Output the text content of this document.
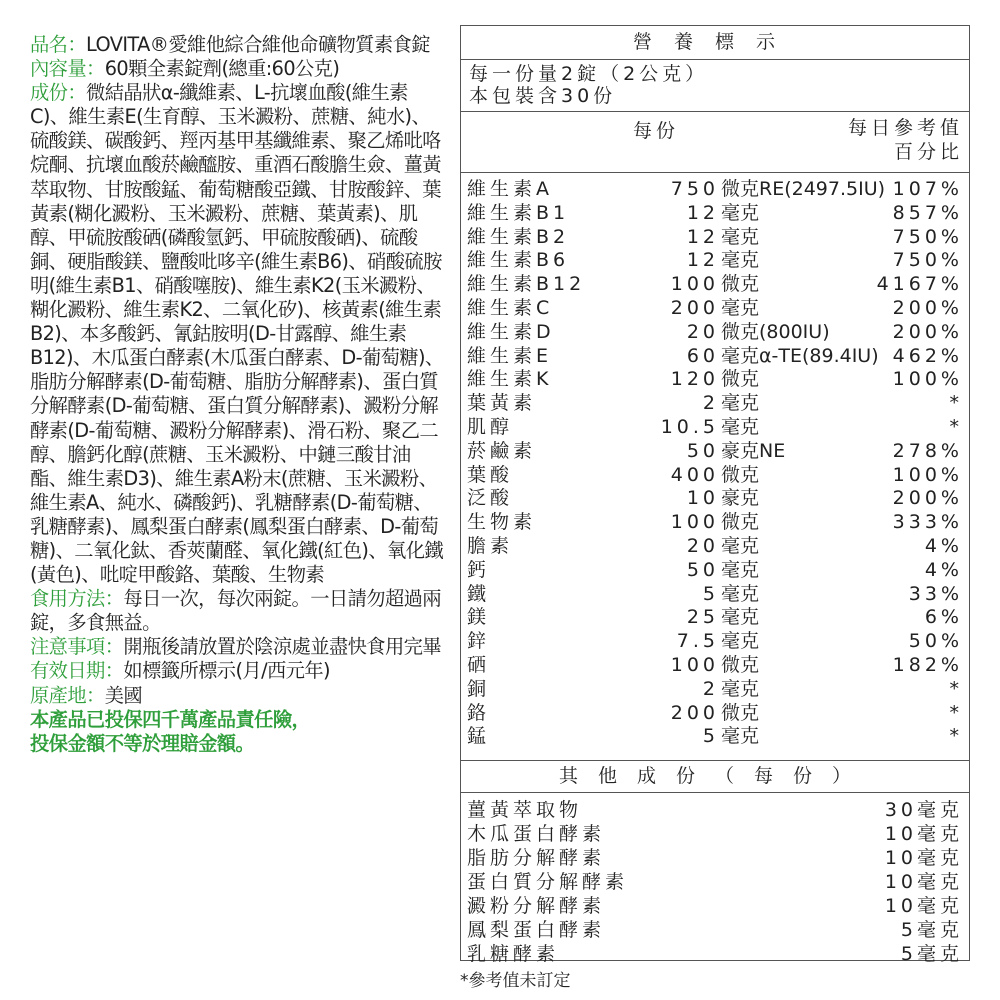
品名：LOVITA®愛維他綜合維他命礦物質素食錠

內容量：60顆全素錠劑(總重:60公克)

成份：微結晶狀α-纖維素、L-抗壞血酸(維生素C)、維生素E(生育醇、玉米澱粉、蔗糖、純水)、硫酸鎂、碳酸鈣、羥丙基甲基纖維素、聚乙烯吡咯烷酮、抗壞血酸菸鹼醯胺、重酒石酸膽生僉、薑黃萃取物、甘胺酸錳、葡萄糖酸亞鐵、甘胺酸鋅、葉黃素(糊化澱粉、玉米澱粉、蔗糖、葉黃素)、肌醇、甲硫胺酸硒(磷酸氫鈣、甲硫胺酸硒)、硫酸銅、硬脂酸鎂、鹽酸吡哆辛(維生素B6)、硝酸硫胺明(維生素B1、硝酸噻胺)、維生素K2(玉米澱粉、糊化澱粉、維生素K2、二氧化矽)、核黃素(維生素B2)、本多酸鈣、氰鈷胺明(D-甘露醇、維生素B12)、木瓜蛋白酵素(木瓜蛋白酵素、D-葡萄糖)、脂肪分解酵素(D-葡萄糖、脂肪分解酵素)、蛋白質分解酵素(D-葡萄糖、蛋白質分解酵素)、澱粉分解酵素(D-葡萄糖、澱粉分解酵素)、滑石粉、聚乙二醇、膽鈣化醇(蔗糖、玉米澱粉、中鏈三酸甘油酯、維生素D3)、維生素A粉末(蔗糖、玉米澱粉、維生素A、純水、磷酸鈣)、乳糖酵素(D-葡萄糖、乳糖酵素)、鳳梨蛋白酵素(鳳梨蛋白酵素、D-葡萄糖)、二氧化鈦、香莢蘭醛、氧化鐵(紅色)、氧化鐵(黃色)、吡啶甲酸鉻、葉酸、生物素

食用方法：每日一次，每次兩錠。一日請勿超過兩錠，多食無益。

注意事項：開瓶後請放置於陰涼處並盡快食用完畢

有效日期：如標籤所標示(月/西元年)

原產地：美國

本產品已投保四千萬產品責任險，

投保金額不等於理賠金額。

營養標示
每一份量2錠（2公克）
本包裝含30份
每份	每日參考值
百分比
維生素A	750 微克RE(2497.5IU) 107%
維生素B1	12 毫克	857%
維生素B2	12 毫克	750%
維生素B6	12 毫克	750%
維生素B12	100 微克	4167%
維生素C	200 毫克	200%
維生素D	20 微克(800IU)	200%
維生素E	60 毫克α-TE(89.4IU) 462%
維生素K	120 微克	100%
葉黃素	2 毫克	*
肌醇	10.5 毫克	*
菸鹼素	50 豪克NE	278%
葉酸	400 微克	100%
泛酸	10 豪克	200%
生物素	100 微克	333%
膽素	20 毫克	4%
鈣	50 毫克	4%
鐵	5 毫克	33%
鎂	25 毫克	6%
鋅	7.5 毫克	50%
硒	100 微克	182%
銅	2 毫克	*
鉻	200 微克	*
錳	5 毫克	*
其他成份（每份）
薑黃萃取物	30毫克
木瓜蛋白酵素	10毫克
脂肪分解酵素	10毫克
蛋白質分解酵素	10毫克
澱粉分解酵素	10毫克
鳳梨蛋白酵素	5毫克
乳糖酵素	5毫克
*參考值未訂定
